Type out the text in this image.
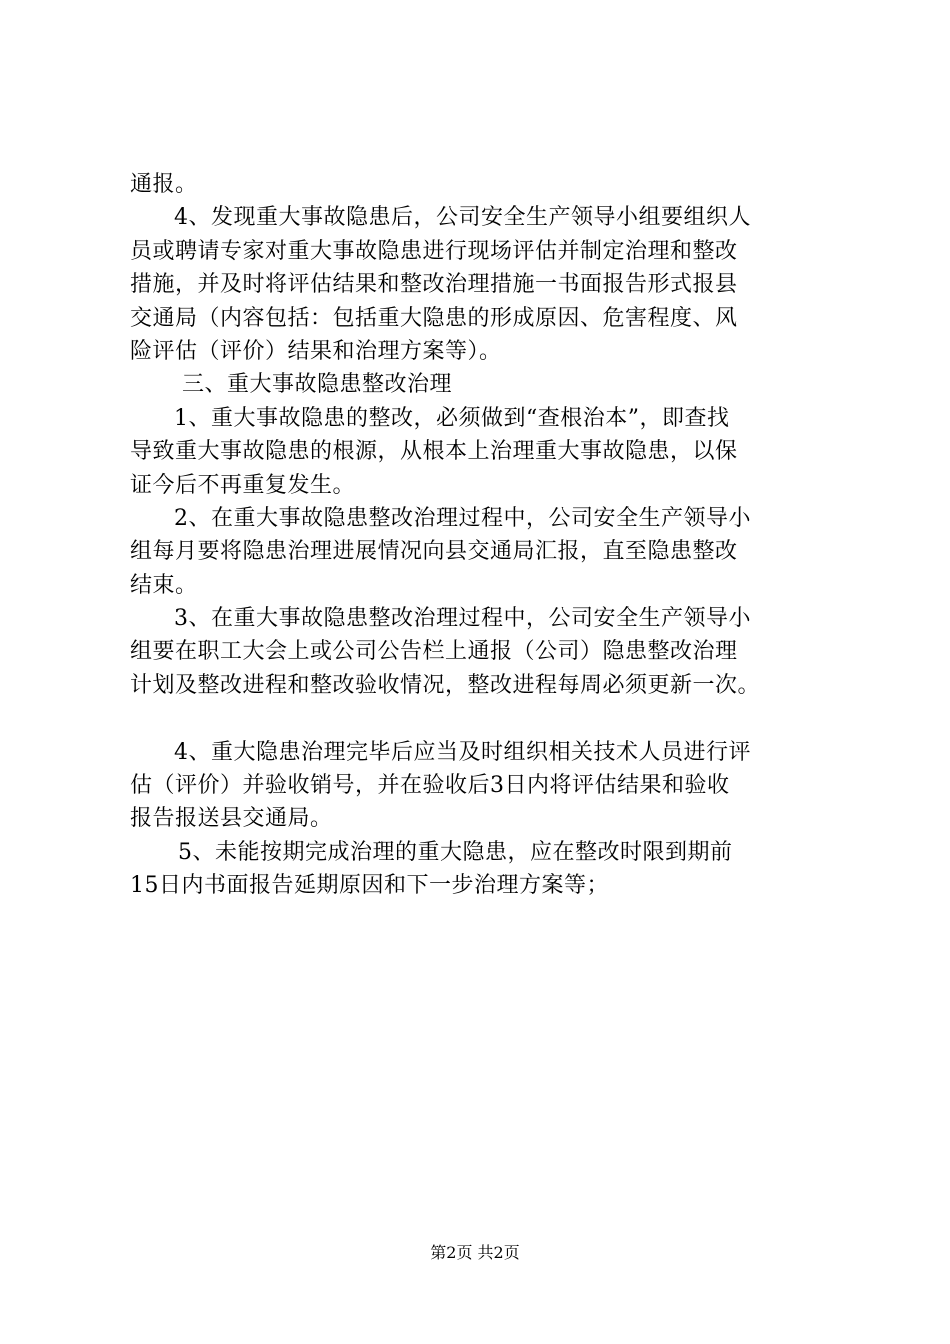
通报。
4、发现重大事故隐患后，公司安全生产领导小组要组织人
员或聘请专家对重大事故隐患进行现场评估并制定治理和整改
措施，并及时将评估结果和整改治理措施一书面报告形式报县
交通局（内容包括：包括重大隐患的形成原因、危害程度、风
险评估（评价）结果和治理方案等）。
三、重大事故隐患整改治理
1、重大事故隐患的整改，必须做到“查根治本”，即查找
导致重大事故隐患的根源，从根本上治理重大事故隐患，以保
证今后不再重复发生。
2、在重大事故隐患整改治理过程中，公司安全生产领导小
组每月要将隐患治理进展情况向县交通局汇报，直至隐患整改
结束。
3、在重大事故隐患整改治理过程中，公司安全生产领导小
组要在职工大会上或公司公告栏上通报（公司）隐患整改治理
计划及整改进程和整改验收情况，整改进程每周必须更新一次。
4、重大隐患治理完毕后应当及时组织相关技术人员进行评
估（评价）并验收销号，并在验收后3日内将评估结果和验收
报告报送县交通局。
5、未能按期完成治理的重大隐患，应在整改时限到期前
15日内书面报告延期原因和下一步治理方案等；
第2页 共2页
